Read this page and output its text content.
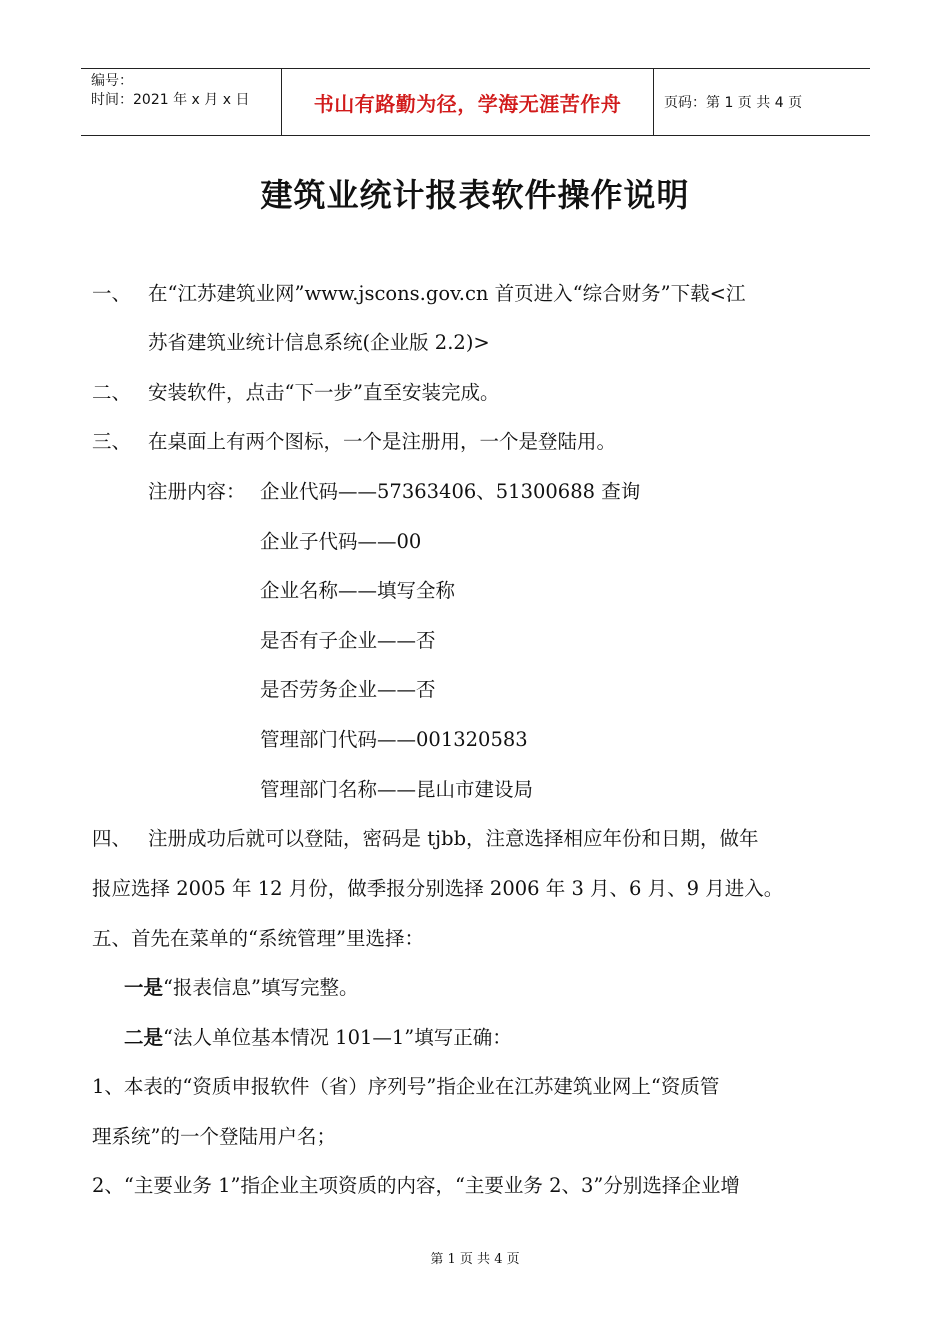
编号：
时间：2021 年 x 月 x 日	书山有路勤为径，学海无涯苦作舟	页码：第 1 页 共 4 页
建筑业统计报表软件操作说明
一、 在“江苏建筑业网”www.jscons.gov.cn 首页进入“综合财务”下载<江
苏省建筑业统计信息系统(企业版 2.2)>
二、 安装软件，点击“下一步”直至安装完成。
三、 在桌面上有两个图标，一个是注册用，一个是登陆用。
注册内容： 企业代码——57363406、51300688 查询
企业子代码——00
企业名称——填写全称
是否有子企业——否
是否劳务企业——否
管理部门代码——001320583
管理部门名称——昆山市建设局
四、 注册成功后就可以登陆，密码是 tjbb，注意选择相应年份和日期，做年
报应选择 2005 年 12 月份，做季报分别选择 2006 年 3 月、6 月、9 月进入。
五、首先在菜单的“系统管理”里选择：
一是“报表信息”填写完整。
二是“法人单位基本情况 101—1”填写正确：
1、本表的“资质申报软件（省）序列号”指企业在江苏建筑业网上“资质管
理系统”的一个登陆用户名；
2、“主要业务 1”指企业主项资质的内容，“主要业务 2、3”分别选择企业增
第 1 页 共 4 页
